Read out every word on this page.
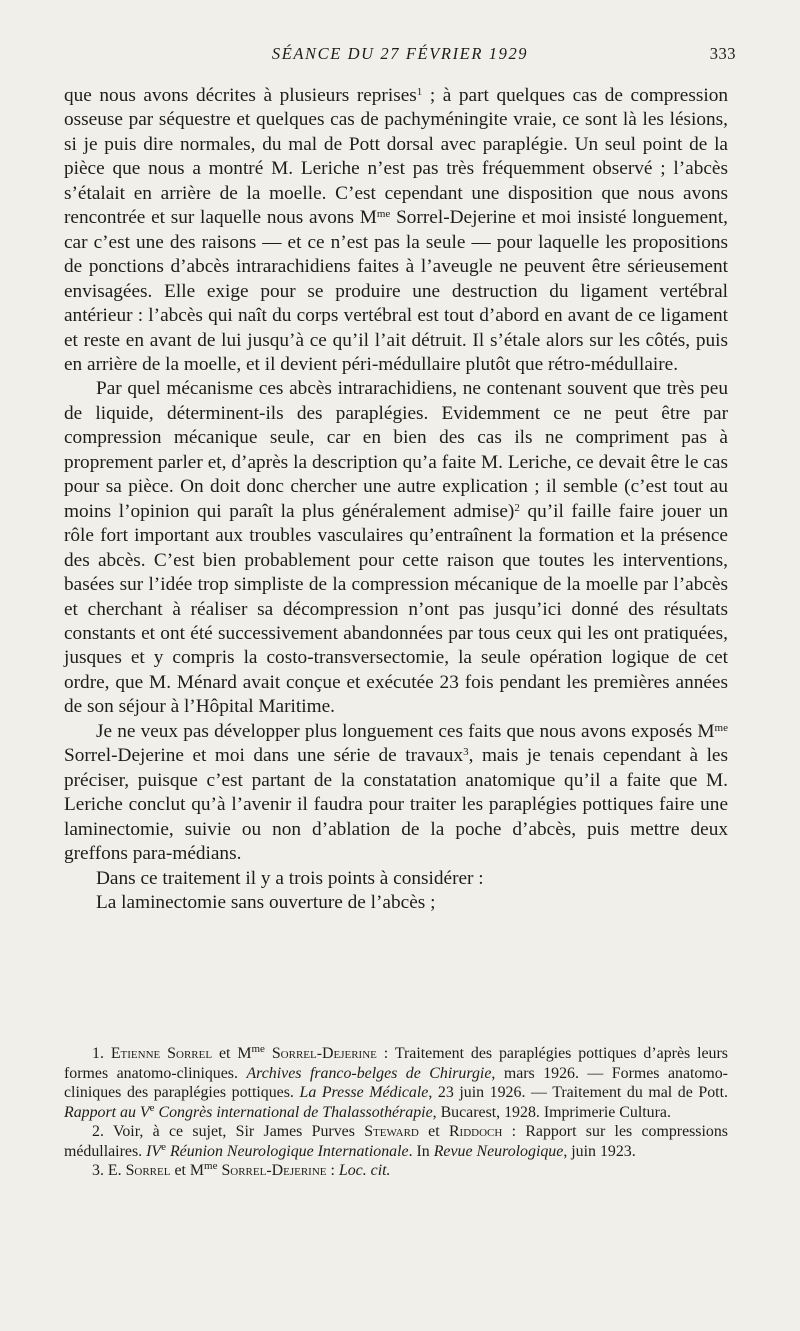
SÉANCE DU 27 FÉVRIER 1929	333

que nous avons décrites à plusieurs reprises$^1$ ; à part quelques cas de compression osseuse par séquestre et quelques cas de pachyméningite vraie, ce sont là les lésions, si je puis dire normales, du mal de Pott dorsal avec paraplégie. Un seul point de la pièce que nous a montré M. Leriche n’est pas très fréquemment observé ; l’abcès s’étalait en arrière de la moelle. C’est cependant une disposition que nous avons rencontrée et sur laquelle nous avons $M^{me}$ Sorrel-Dejerine et moi insisté longuement, car c’est une des raisons — et ce n’est pas la seule — pour laquelle les propositions de ponctions d’abcès intrarachidiens faites à l’aveugle ne peuvent être sérieusement envisagées. Elle exige pour se produire une destruction du ligament vertébral antérieur : l’abcès qui naît du corps vertébral est tout d’abord en avant de ce ligament et reste en avant de lui jusqu’à ce qu’il l’ait détruit. Il s’étale alors sur les côtés, puis en arrière de la moelle, et il devient péri-médullaire plutôt que rétro-médullaire.

Par quel mécanisme ces abcès intrarachidiens, ne contenant souvent que très peu de liquide, déterminent-ils des paraplégies. Evidemment ce ne peut être par compression mécanique seule, car en bien des cas ils ne compriment pas à proprement parler et, d’après la description qu’a faite M. Leriche, ce devait être le cas pour sa pièce. On doit donc chercher une autre explication ; il semble (c’est tout au moins l’opinion qui paraît la plus généralement admise)$^2$ qu’il faille faire jouer un rôle fort important aux troubles vasculaires qu’entraînent la formation et la présence des abcès. C’est bien probablement pour cette raison que toutes les interventions, basées sur l’idée trop simpliste de la compression mécanique de la moelle par l’abcès et cherchant à réaliser sa décompression n’ont pas jusqu’ici donné des résultats constants et ont été successivement abandonnées par tous ceux qui les ont pratiquées, jusques et y compris la costo-transversectomie, la seule opération logique de cet ordre, que M. Ménard avait conçue et exécutée 23 fois pendant les premières années de son séjour à l’Hôpital Maritime.

Je ne veux pas développer plus longuement ces faits que nous avons exposés $M^{me}$ Sorrel-Dejerine et moi dans une série de travaux$^3$, mais je tenais cependant à les préciser, puisque c’est partant de la constatation anatomique qu’il a faite que M. Leriche conclut qu’à l’avenir il faudra pour traiter les paraplégies pottiques faire une laminectomie, suivie ou non d’ablation de la poche d’abcès, puis mettre deux greffons para-médians.

Dans ce traitement il y a trois points à considérer :

La laminectomie sans ouverture de l’abcès ;

1. Etienne Sorrel et $M^{me}$ Sorrel-Dejerine : Traitement des paraplégies pottiques d’après leurs formes anatomo-cliniques. Archives franco-belges de Chirurgie, mars 1926. — Formes anatomo-cliniques des paraplégies pottiques. La Presse Médicale, 23 juin 1926. — Traitement du mal de Pott. Rapport au Ve Congrès international de Thalassothérapie, Bucarest, 1928. Imprimerie Cultura.

2. Voir, à ce sujet, Sir James Purves Steward et Riddoch : Rapport sur les compressions médullaires. IVe Réunion Neurologique Internationale. In Revue Neurologique, juin 1923.

3. E. Sorrel et $M^{me}$ Sorrel-Dejerine : Loc. cit.
